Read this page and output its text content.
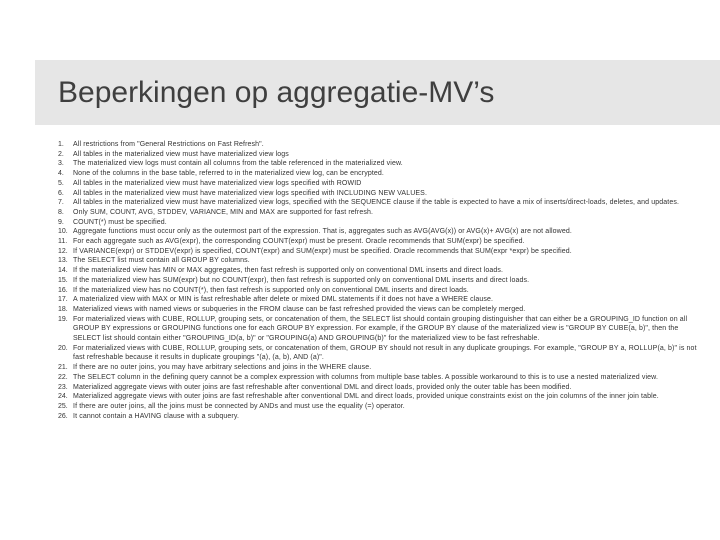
Beperkingen op aggregatie-MV’s
1.	All restrictions from "General Restrictions on Fast Refresh".
2.	All tables in the materialized view must have materialized view logs
3.	The materialized view logs must contain all columns from the table referenced in the materialized view.
4.	None of the columns in the base table, referred to in the materialized view log, can be encrypted.
5.	All tables in the materialized view must have materialized view logs specified with ROWID
6.	All tables in the materialized view must have materialized view logs specified with INCLUDING NEW VALUES.
7.	All tables in the materialized view must have materialized view logs, specified with the SEQUENCE clause if the table is expected to have a mix of inserts/direct-loads, deletes, and updates.
8.	Only SUM, COUNT, AVG, STDDEV, VARIANCE, MIN and MAX are supported for fast refresh.
9.	COUNT(*) must be specified.
10. Aggregate functions must occur only as the outermost part of the expression. That is, aggregates such as AVG(AVG(x)) or AVG(x)+ AVG(x) are not allowed.
11. For each aggregate such as AVG(expr), the corresponding COUNT(expr) must be present. Oracle recommends that SUM(expr) be specified.
12. If VARIANCE(expr) or STDDEV(expr) is specified, COUNT(expr) and SUM(expr) must be specified. Oracle recommends that SUM(expr *expr) be specified.
13. The SELECT list must contain all GROUP BY columns.
14. If the materialized view has MIN or MAX aggregates, then fast refresh is supported only on conventional DML inserts and direct loads.
15. If the materialized view has SUM(expr) but no COUNT(expr), then fast refresh is supported only on conventional DML inserts and direct loads.
16. If the materialized view has no COUNT(*), then fast refresh is supported only on conventional DML inserts and direct loads.
17. A materialized view with MAX or MIN is fast refreshable after delete or mixed DML statements if it does not have a WHERE clause.
18. Materialized views with named views or subqueries in the FROM clause can be fast refreshed provided the views can be completely merged.
19. For materialized views with CUBE, ROLLUP, grouping sets, or concatenation of them, the SELECT list should contain grouping distinguisher that can either be a GROUPING_ID function on all GROUP BY expressions or GROUPING functions one for each GROUP BY expression. For example, if the GROUP BY clause of the materialized view is "GROUP BY CUBE(a, b)", then the SELECT list should contain either "GROUPING_ID(a, b)" or "GROUPING(a) AND GROUPING(b)" for the materialized view to be fast refreshable.
20. For materialized views with CUBE, ROLLUP, grouping sets, or concatenation of them, GROUP BY should not result in any duplicate groupings. For example, "GROUP BY a, ROLLUP(a, b)" is not fast refreshable because it results in duplicate groupings "(a), (a, b), AND (a)".
21. If there are no outer joins, you may have arbitrary selections and joins in the WHERE clause.
22. The SELECT column in the defining query cannot be a complex expression with columns from multiple base tables. A possible workaround to this is to use a nested materialized view.
23. Materialized aggregate views with outer joins are fast refreshable after conventional DML and direct loads, provided only the outer table has been modified.
24. Materialized aggregate views with outer joins are fast refreshable after conventional DML and direct loads, provided unique constraints exist on the join columns of the inner join table.
25. If there are outer joins, all the joins must be connected by ANDs and must use the equality (=) operator.
26. It cannot contain a HAVING clause with a subquery.
